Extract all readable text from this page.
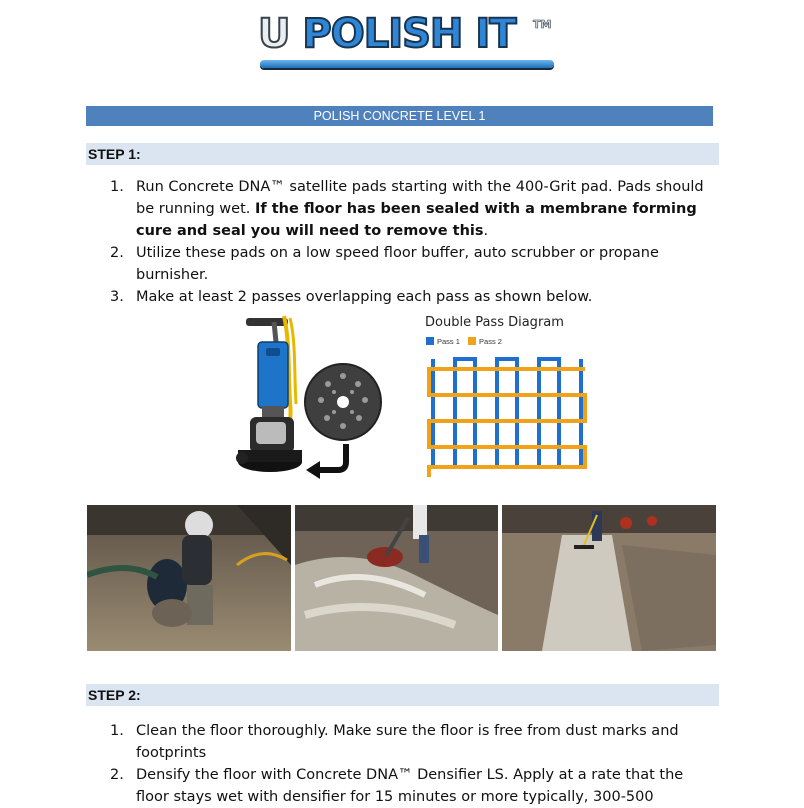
U POLISH IT TM
POLISH CONCRETE LEVEL 1
STEP 1:
1. Run Concrete DNA™ satellite pads starting with the 400-Grit pad. Pads should be running wet. If the floor has been sealed with a membrane forming cure and seal you will need to remove this.
2. Utilize these pads on a low speed floor buffer, auto scrubber or propane burnisher.
3. Make at least 2 passes overlapping each pass as shown below.
Double Pass Diagram
Pass 1	Pass 2
STEP 2:
1. Clean the floor thoroughly. Make sure the floor is free from dust marks and footprints
2. Densify the floor with Concrete DNA™ Densifier LS. Apply at a rate that the floor stays wet with densifier for 15 minutes or more typically, 300-500
